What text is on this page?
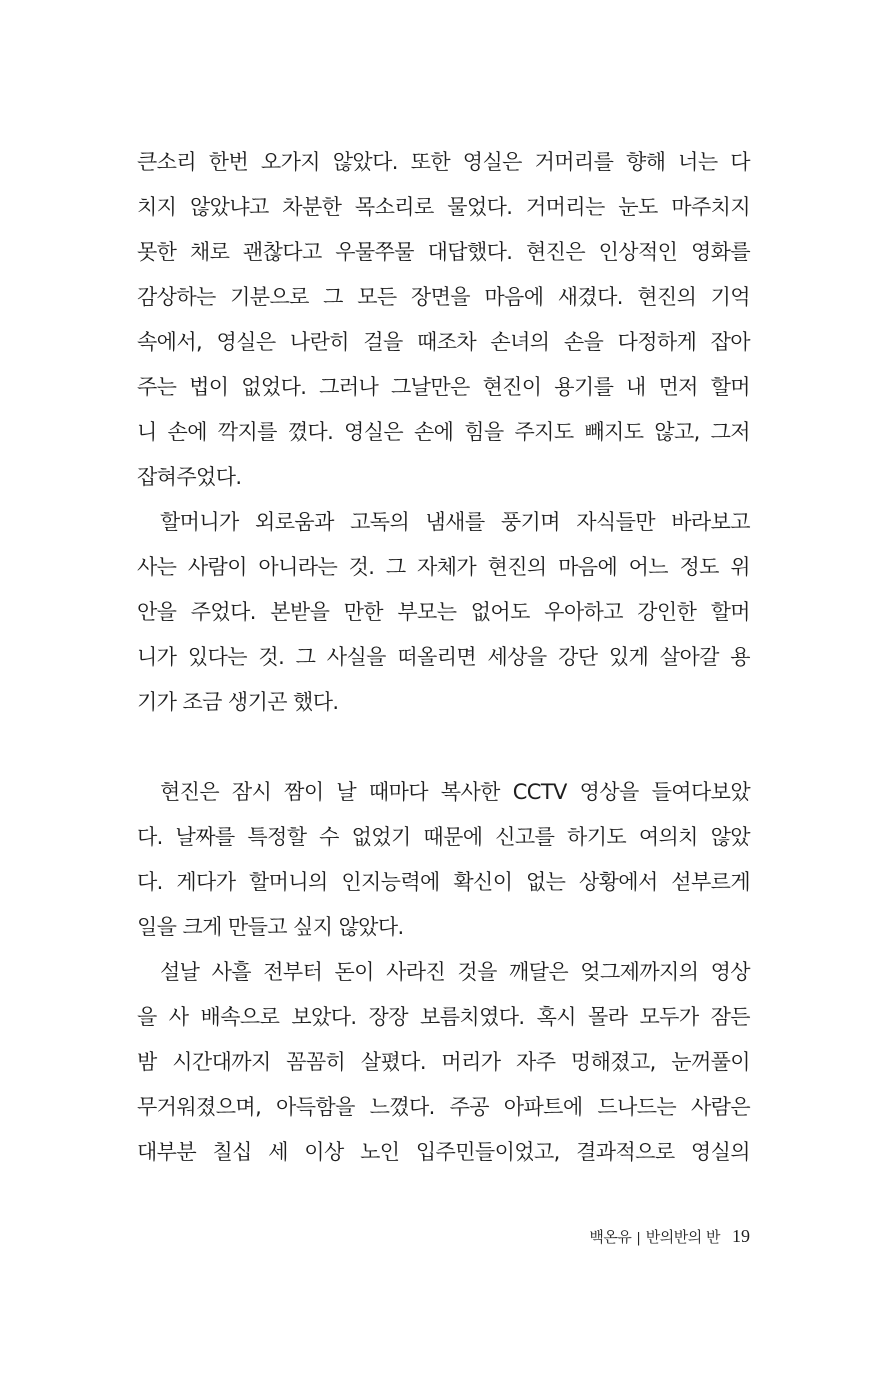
큰소리 한번 오가지 않았다. 또한 영실은 거머리를 향해 너는 다
치지 않았냐고 차분한 목소리로 물었다. 거머리는 눈도 마주치지
못한 채로 괜찮다고 우물쭈물 대답했다. 현진은 인상적인 영화를
감상하는 기분으로 그 모든 장면을 마음에 새겼다. 현진의 기억
속에서, 영실은 나란히 걸을 때조차 손녀의 손을 다정하게 잡아
주는 법이 없었다. 그러나 그날만은 현진이 용기를 내 먼저 할머
니 손에 깍지를 꼈다. 영실은 손에 힘을 주지도 빼지도 않고, 그저
잡혀주었다.
할머니가 외로움과 고독의 냄새를 풍기며 자식들만 바라보고
사는 사람이 아니라는 것. 그 자체가 현진의 마음에 어느 정도 위
안을 주었다. 본받을 만한 부모는 없어도 우아하고 강인한 할머
니가 있다는 것. 그 사실을 떠올리면 세상을 강단 있게 살아갈 용
기가 조금 생기곤 했다.
현진은 잠시 짬이 날 때마다 복사한 CCTV 영상을 들여다보았
다. 날짜를 특정할 수 없었기 때문에 신고를 하기도 여의치 않았
다. 게다가 할머니의 인지능력에 확신이 없는 상황에서 섣부르게
일을 크게 만들고 싶지 않았다.
설날 사흘 전부터 돈이 사라진 것을 깨달은 엊그제까지의 영상
을 사 배속으로 보았다. 장장 보름치였다. 혹시 몰라 모두가 잠든
밤 시간대까지 꼼꼼히 살폈다. 머리가 자주 멍해졌고, 눈꺼풀이
무거워졌으며, 아득함을 느꼈다. 주공 아파트에 드나드는 사람은
대부분 칠십 세 이상 노인 입주민들이었고, 결과적으로 영실의
백온유 | 반의반의 반 19
